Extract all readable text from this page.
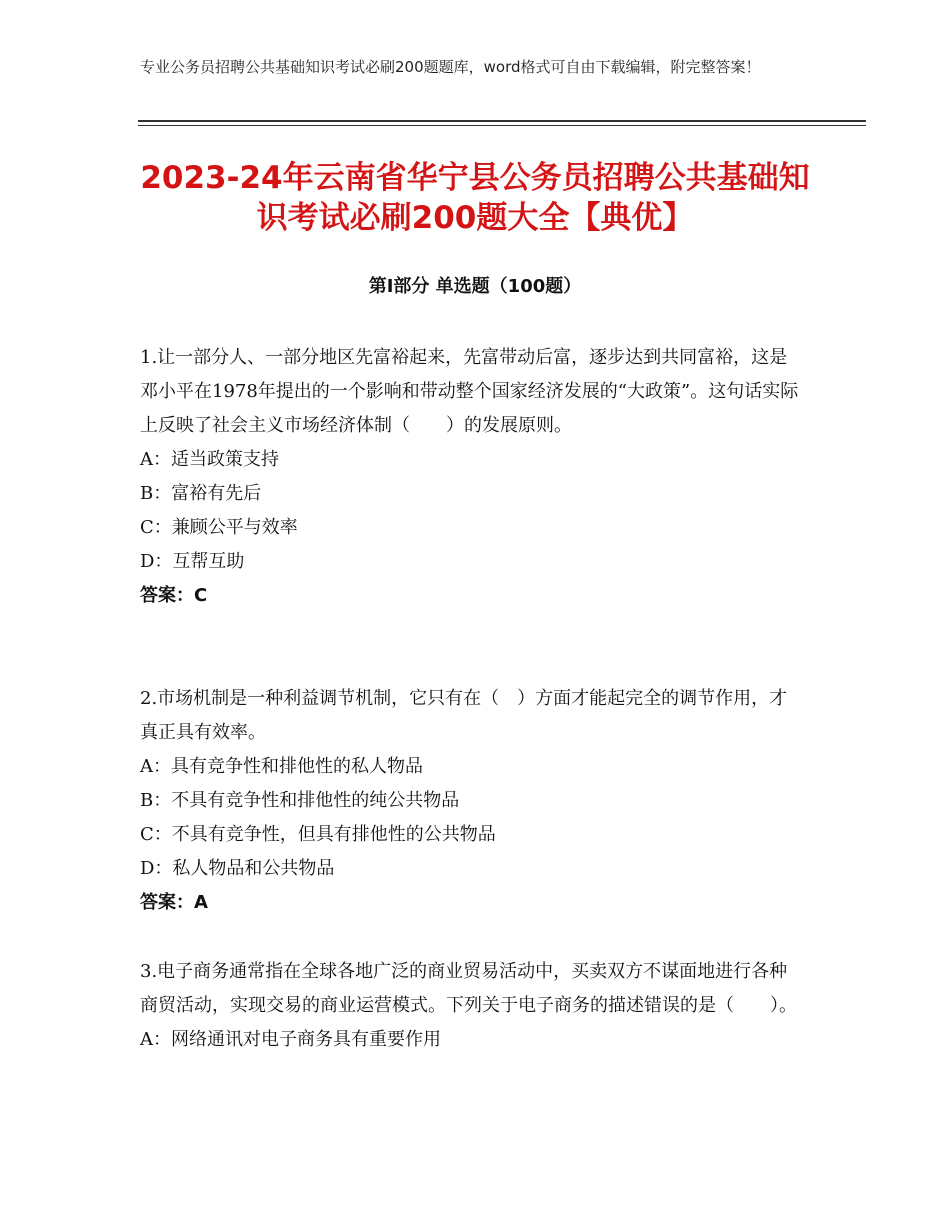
专业公务员招聘公共基础知识考试必刷200题题库，word格式可自由下载编辑，附完整答案！
2023-24年云南省华宁县公务员招聘公共基础知识考试必刷200题大全【典优】
第Ⅰ部分 单选题（100题）

1.让一部分人、一部分地区先富裕起来，先富带动后富，逐步达到共同富裕，这是邓小平在1978年提出的一个影响和带动整个国家经济发展的“大政策”。这句话实际上反映了社会主义市场经济体制（　　）的发展原则。

A：适当政策支持

B：富裕有先后

C：兼顾公平与效率

D：互帮互助

答案：C

2.市场机制是一种利益调节机制，它只有在（　）方面才能起完全的调节作用，才真正具有效率。

A：具有竞争性和排他性的私人物品

B：不具有竞争性和排他性的纯公共物品

C：不具有竞争性，但具有排他性的公共物品

D：私人物品和公共物品

答案：A

3.电子商务通常指在全球各地广泛的商业贸易活动中，买卖双方不谋面地进行各种商贸活动，实现交易的商业运营模式。下列关于电子商务的描述错误的是（　　）。

A：网络通讯对电子商务具有重要作用
